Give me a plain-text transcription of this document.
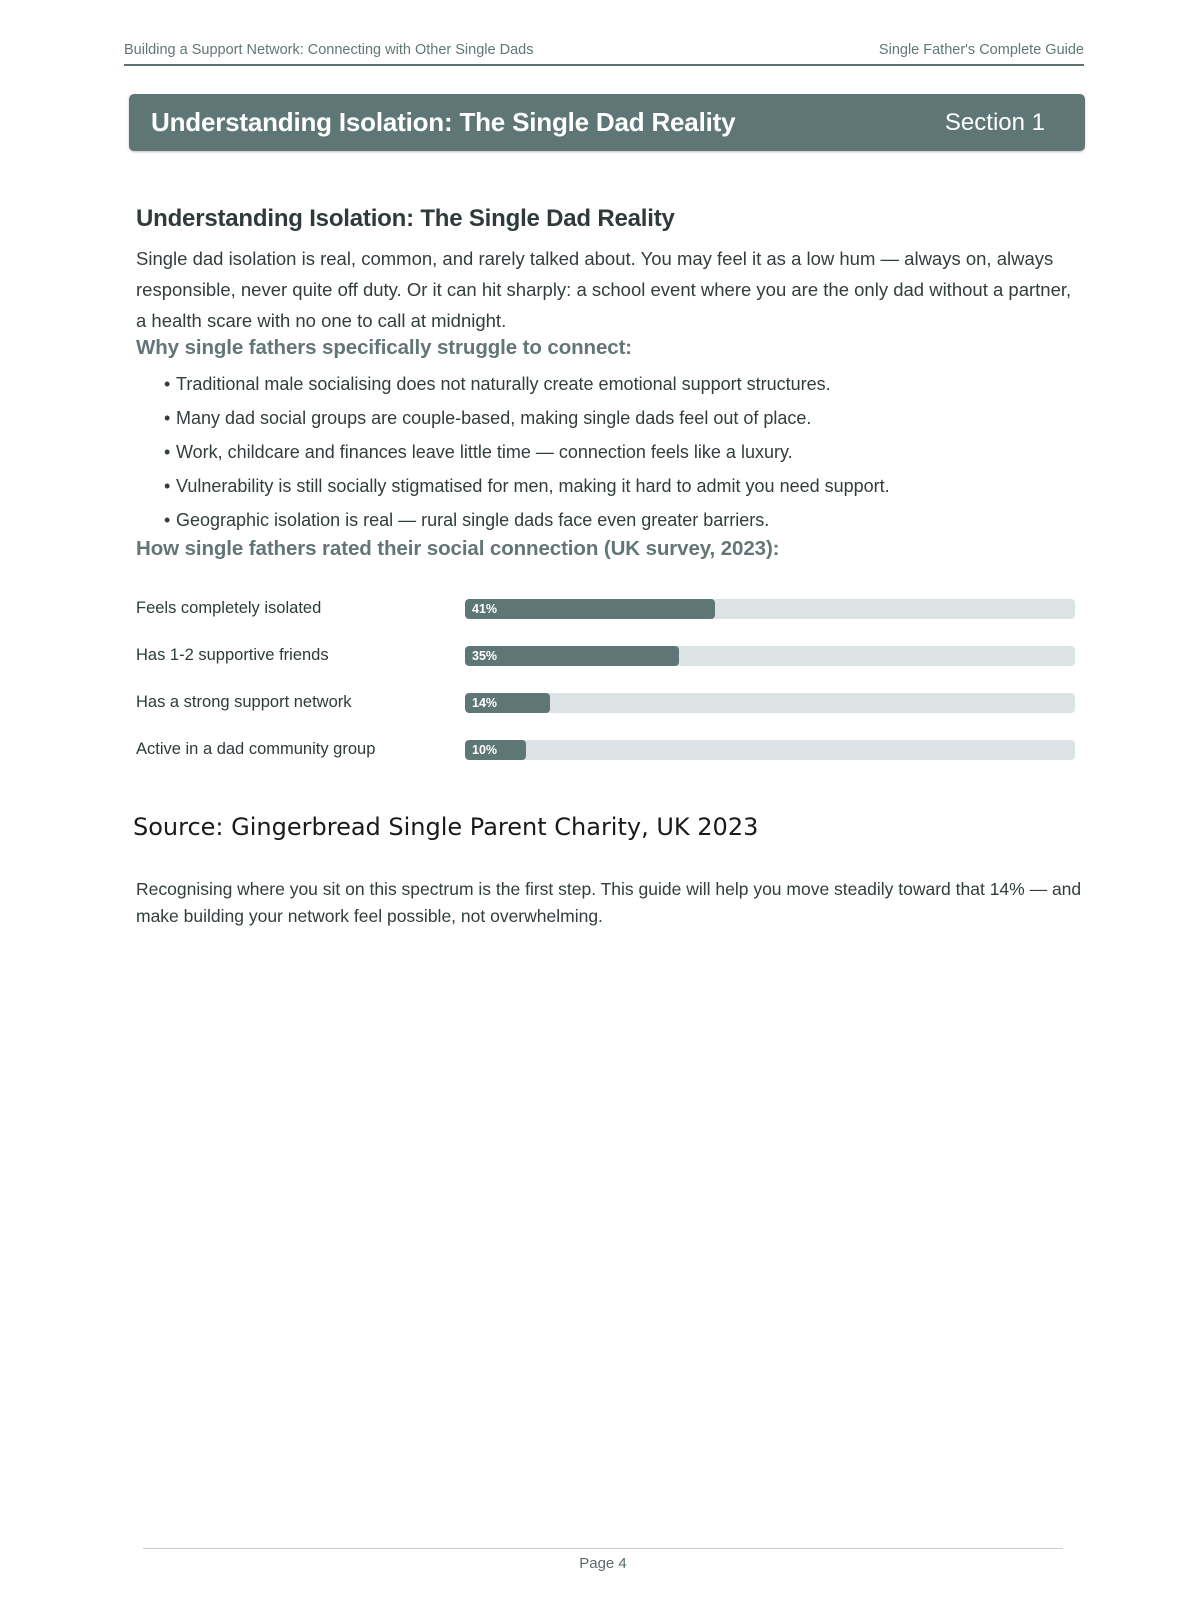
Building a Support Network: Connecting with Other Single Dads	Single Father's Complete Guide
Understanding Isolation: The Single Dad Reality	Section 1
Understanding Isolation: The Single Dad Reality

Single dad isolation is real, common, and rarely talked about. You may feel it as a low hum — always on, always responsible, never quite off duty. Or it can hit sharply: a school event where you are the only dad without a partner, a health scare with no one to call at midnight.

Why single fathers specifically struggle to connect:
• Traditional male socialising does not naturally create emotional support structures.
• Many dad social groups are couple-based, making single dads feel out of place.
• Work, childcare and finances leave little time — connection feels like a luxury.
• Vulnerability is still socially stigmatised for men, making it hard to admit you need support.
• Geographic isolation is real — rural single dads face even greater barriers.
How single fathers rated their social connection (UK survey, 2023):
Feels completely isolated	41%
Has 1-2 supportive friends	35%
Has a strong support network	14%
Active in a dad community group	10%

Source: Gingerbread Single Parent Charity, UK 2023

Recognising where you sit on this spectrum is the first step. This guide will help you move steadily toward that 14% — and make building your network feel possible, not overwhelming.

Page 4
